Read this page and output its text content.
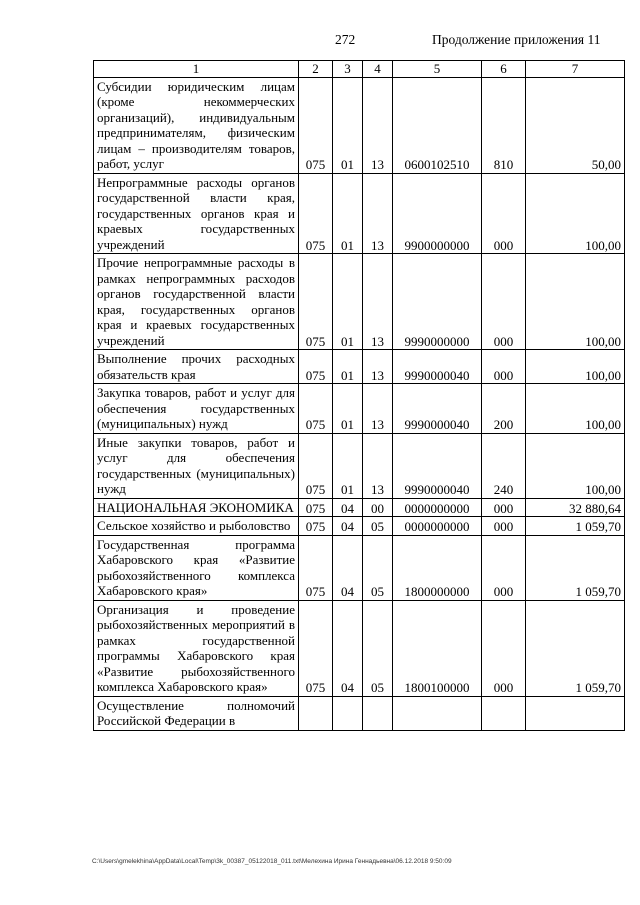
272	Продолжение приложения 11
1	2	3	4	5	6	7
Субсидии юридическим лицам (кроме некоммерческих организаций), индивидуальным предпринимателям, физическим лицам – производителям товаров, работ, услуг	075	01	13	0600102510	810	50,00
Непрограммные расходы органов государственной власти края, государственных органов края и краевых государственных учреждений	075	01	13	9900000000	000	100,00
Прочие непрограммные расходы в рамках непрограммных расходов органов государственной власти края, государственных органов края и краевых государственных учреждений	075	01	13	9990000000	000	100,00
Выполнение прочих расходных обязательств края	075	01	13	9990000040	000	100,00
Закупка товаров, работ и услуг для обеспечения государственных (муниципальных) нужд	075	01	13	9990000040	200	100,00
Иные закупки товаров, работ и услуг для обеспечения государственных (муниципальных) нужд	075	01	13	9990000040	240	100,00
НАЦИОНАЛЬНАЯ ЭКОНОМИКА	075	04	00	0000000000	000	32 880,64
Сельское хозяйство и рыболовство	075	04	05	0000000000	000	1 059,70
Государственная программа Хабаровского края «Развитие рыбохозяйственного комплекса Хабаровского края»	075	04	05	1800000000	000	1 059,70
Организация и проведение рыбохозяйственных мероприятий в рамках государственной программы Хабаровского края «Развитие рыбохозяйственного комплекса Хабаровского края»	075	04	05	1800100000	000	1 059,70
Осуществление полномочий Российской Федерации в						
C:\Users\gmelekhina\AppData\Local\Temp\3k_00387_05122018_011.txt\Мелехина Ирина Геннадьевна\06.12.2018 9:50:09
